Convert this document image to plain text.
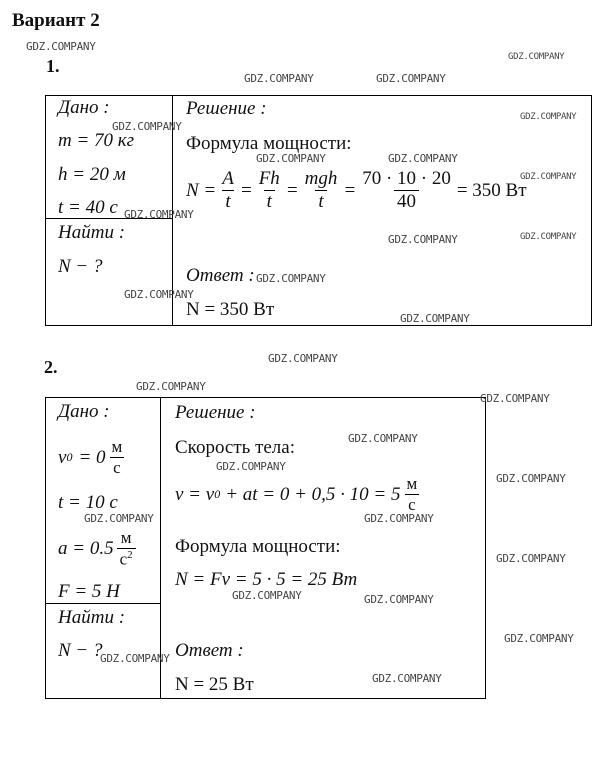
Вариант 2
1.
Дано :
m = 70 кг
h = 20 м
t = 40 с
Найти :
N − ?
Решение :
Формула мощности:
$N = \frac{A}{t} = \frac{Fh}{t} = \frac{\text{mgh}}{t} = \frac{70 \cdot 10 \cdot 20}{40} = 350$ Вт
Ответ :
N = 350 Вт
2.
Дано :
v $0 = 0 \frac{м}{с}$
t = 10 с
$a = 0.5 \frac{м}{с^2}$
F = 5 Н
Найти :
N − ?
Решение :
Скорость тела:
v = v 0 + at = $0 + 0,5 \cdot 10 = 5 \frac{м}{с}$
Формула мощности:
N = Fv = 5 · 5 = 25 Вт
Ответ :
N = 25 Вт
GDZ.COMPANY
GDZ.COMPANY
GDZ.COMPANY	GDZ.COMPANY
GDZ.COMPANY
GDZ.COMPANY
GDZ.COMPANY	GDZ.COMPANY
GDZ.COMPANY
GDZ.COMPANY
GDZ.COMPANY	GDZ.COMPANY
GDZ.COMPANY
GDZ.COMPANY
GDZ.COMPANY
GDZ.COMPANY
GDZ.COMPANY
GDZ.COMPANY
GDZ.COMPANY
GDZ.COMPANY
GDZ.COMPANY
GDZ.COMPANY	GDZ.COMPANY
GDZ.COMPANY
GDZ.COMPANY	GDZ.COMPANY
GDZ.COMPANY
GDZ.COMPANY
GDZ.COMPANY
